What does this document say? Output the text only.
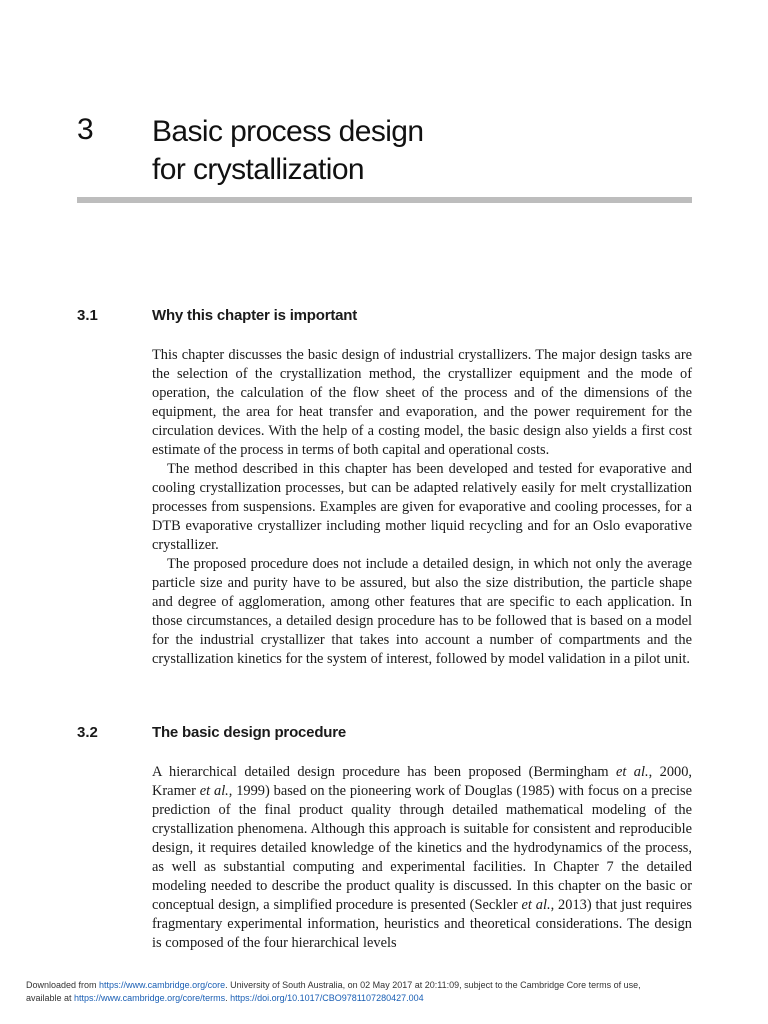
3 Basic process design
for crystallization
3.1	Why this chapter is important

This chapter discusses the basic design of industrial crystallizers. The major design tasks are the selection of the crystallization method, the crystallizer equipment and the mode of operation, the calculation of the flow sheet of the process and of the dimensions of the equipment, the area for heat transfer and evaporation, and the power requirement for the circulation devices. With the help of a costing model, the basic design also yields a first cost estimate of the process in terms of both capital and operational costs.

The method described in this chapter has been developed and tested for evaporative and cooling crystallization processes, but can be adapted relatively easily for melt crystallization processes from suspensions. Examples are given for evaporative and cooling processes, for a DTB evaporative crystallizer including mother liquid recycling and for an Oslo evaporative crystallizer.

The proposed procedure does not include a detailed design, in which not only the average particle size and purity have to be assured, but also the size distribution, the particle shape and degree of agglomeration, among other features that are specific to each application. In those circumstances, a detailed design procedure has to be followed that is based on a model for the industrial crystallizer that takes into account a number of compartments and the crystallization kinetics for the system of interest, followed by model validation in a pilot unit.

3.2	The basic design procedure

A hierarchical detailed design procedure has been proposed (Bermingham et al., 2000, Kramer et al., 1999) based on the pioneering work of Douglas (1985) with focus on a precise prediction of the final product quality through detailed mathematical modeling of the crystallization phenomena. Although this approach is suitable for consistent and reproducible design, it requires detailed knowledge of the kinetics and the hydrodynamics of the process, as well as substantial computing and experimental facilities. In Chapter 7 the detailed modeling needed to describe the product quality is discussed. In this chapter on the basic or conceptual design, a simplified procedure is presented (Seckler et al., 2013) that just requires fragmentary experimental information, heuristics and theoretical considerations. The design is composed of the four hierarchical levels

Downloaded from https://www.cambridge.org/core. University of South Australia, on 02 May 2017 at 20:11:09, subject to the Cambridge Core terms of use,
available at https://www.cambridge.org/core/terms. https://doi.org/10.1017/CBO9781107280427.004
